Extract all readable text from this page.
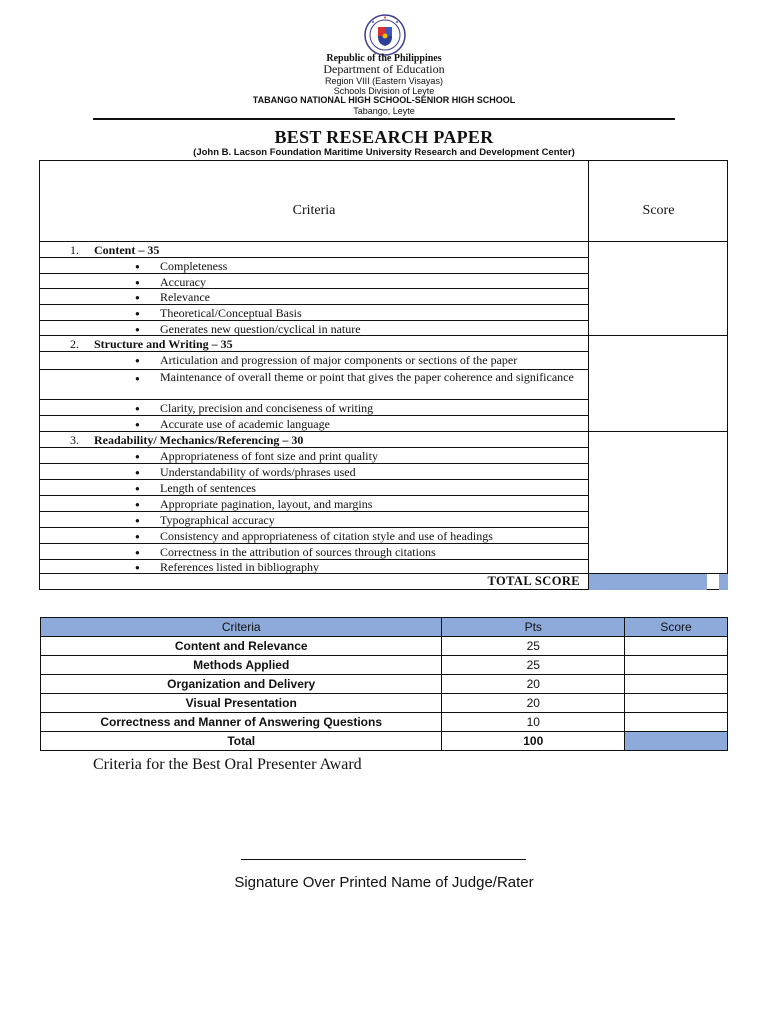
Republic of the Philippines
Department of Education
Region VIII (Eastern Visayas)
Schools Division of Leyte
TABANGO NATIONAL HIGH SCHOOL-SENIOR HIGH SCHOOL
Tabango, Leyte
BEST RESEARCH PAPER
(John B. Lacson Foundation Maritime University Research and Development Center)
Criteria	Score
1. Content – 35
● Completeness
● Accuracy
● Relevance
● Theoretical/Conceptual Basis
● Generates new question/cyclical in nature
2. Structure and Writing – 35
● Articulation and progression of major components or sections of the paper
● Maintenance of overall theme or point that gives the paper coherence and significance
● Clarity, precision and conciseness of writing
● Accurate use of academic language
3. Readability/ Mechanics/Referencing – 30
● Appropriateness of font size and print quality
● Understandability of words/phrases used
● Length of sentences
● Appropriate pagination, layout, and margins
● Typographical accuracy
● Consistency and appropriateness of citation style and use of headings
● Correctness in the attribution of sources through citations
● References listed in bibliography
TOTAL SCORE
Criteria	Pts	Score
Content and Relevance	25	
Methods Applied	25	
Organization and Delivery	20	
Visual Presentation	20	
Correctness and Manner of Answering Questions	10	
Total	100	
Criteria for the Best Oral Presenter Award
Signature Over Printed Name of Judge/Rater
